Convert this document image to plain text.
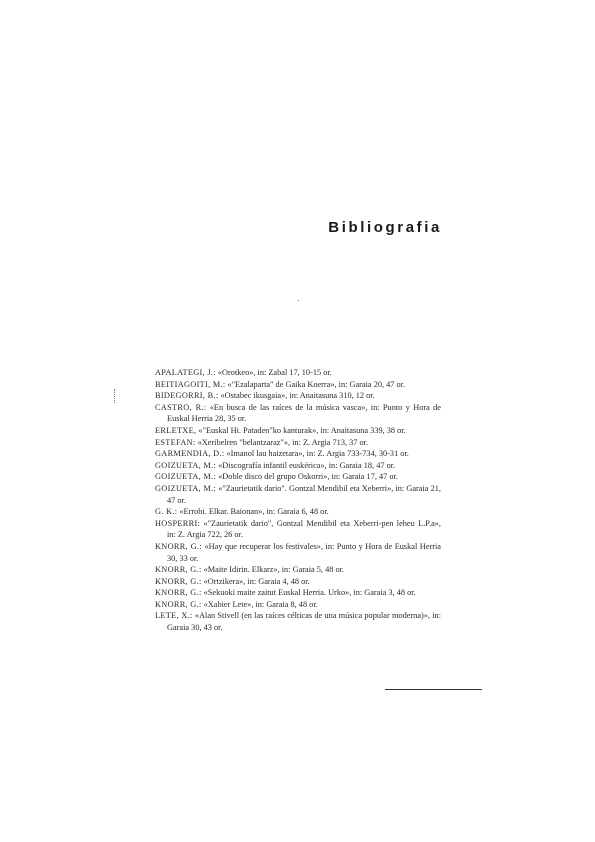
Bibliografia
APALATEGI, J.: «Orotkeo», in: Zabal 17, 10-15 or.
BEITIAGOITI, M.: «"Ezalaparta" de Gaika Koerra», in: Garaia 20, 47 or.
BIDEGORRI, B.: «Ostabec ikusgaia», in: Anaitasuna 310, 12 or.
CASTRO, R.: «En busca de las raíces de la música vasca», in: Punto y Hora de Euskal Herria 28, 35 or.
ERLETXE, «"Euskal Hi. Pataden"ko kanturak», in: Anaitasuna 339, 38 or.
ESTEFAN: «Xeribelren "belantzaraz"», in: Z. Argia 713, 37 or.
GARMENDIA, D.: «Imanol lau haizetara», in: Z. Argia 733-734, 30-31 or.
GOIZUETA, M.: «Discografía infantil euskérica», in: Garaia 18, 47 or.
GOIZUETA, M.: «Doble disco del grupo Oskorri», in: Garaia 17, 47 or.
GOIZUETA, M.: «"Zaurietatik dario". Gontzal Mendibil eta Xeberri», in: Garaia 21, 47 or.
G. K.: «Errobi. Elkar. Baionan», in: Garaia 6, 48 or.
HOSPERRI: «"Zaurietatik dario", Gontzal Mendibil eta Xeberri-pen leheu L.P.a», in: Z. Argia 722, 26 or.
KNORR, G.: «Hay que recuperar los festivales», in: Punto y Hora de Euskal Herria 30, 33 or.
KNORR, G.: «Maite Idirin. Elkarz», in: Garaia 5, 48 or.
KNORR, G.: «Ortzikera», in: Garaia 4, 48 or.
KNORR, G.: «Sekuoki maite zaitut Euskal Herria. Urko», in: Garaia 3, 48 or.
KNORR, G.: «Xabier Lete», in: Garaia 8, 48 or.
LETE, X.: «Alan Stivell (en las raíces célticas de una música popular moderna)», in: Garaia 30, 43 or.
